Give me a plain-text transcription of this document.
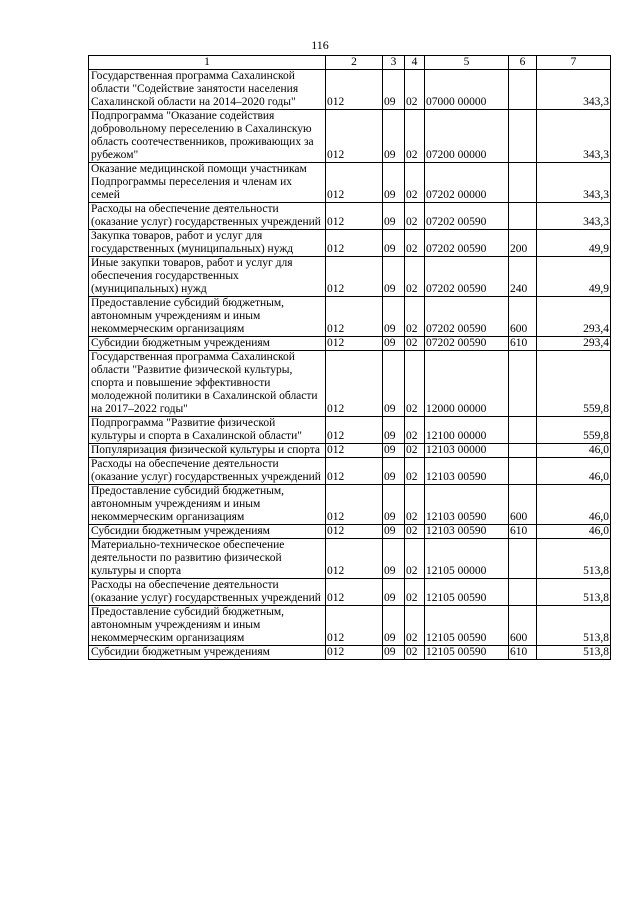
116
1	2	3	4	5	6	7
Государственная программа Сахалинской области "Содействие занятости населения Сахалинской области на 2014–2020 годы"	012	09	02	07000 00000		343,3
Подпрограмма "Оказание содействия добровольному переселению в Сахалинскую область соотечественников, проживающих за рубежом"	012	09	02	07200 00000		343,3
Оказание медицинской помощи участникам Подпрограммы переселения и членам их семей	012	09	02	07202 00000		343,3
Расходы на обеспечение деятельности (оказание услуг) государственных учреждений	012	09	02	07202 00590		343,3
Закупка товаров, работ и услуг для государственных (муниципальных) нужд	012	09	02	07202 00590	200	49,9
Иные закупки товаров, работ и услуг для обеспечения государственных (муниципальных) нужд	012	09	02	07202 00590	240	49,9
Предоставление субсидий бюджетным, автономным учреждениям и иным некоммерческим организациям	012	09	02	07202 00590	600	293,4
Субсидии бюджетным учреждениям	012	09	02	07202 00590	610	293,4
Государственная программа Сахалинской области "Развитие физической культуры, спорта и повышение эффективности молодежной политики в Сахалинской области на 2017–2022 годы"	012	09	02	12000 00000		559,8
Подпрограмма "Развитие физической культуры и спорта в Сахалинской области"	012	09	02	12100 00000		559,8
Популяризация физической культуры и спорта	012	09	02	12103 00000		46,0
Расходы на обеспечение деятельности (оказание услуг) государственных учреждений	012	09	02	12103 00590		46,0
Предоставление субсидий бюджетным, автономным учреждениям и иным некоммерческим организациям	012	09	02	12103 00590	600	46,0
Субсидии бюджетным учреждениям	012	09	02	12103 00590	610	46,0
Материально-техническое обеспечение деятельности по развитию физической культуры и спорта	012	09	02	12105 00000		513,8
Расходы на обеспечение деятельности (оказание услуг) государственных учреждений	012	09	02	12105 00590		513,8
Предоставление субсидий бюджетным, автономным учреждениям и иным некоммерческим организациям	012	09	02	12105 00590	600	513,8
Субсидии бюджетным учреждениям	012	09	02	12105 00590	610	513,8
